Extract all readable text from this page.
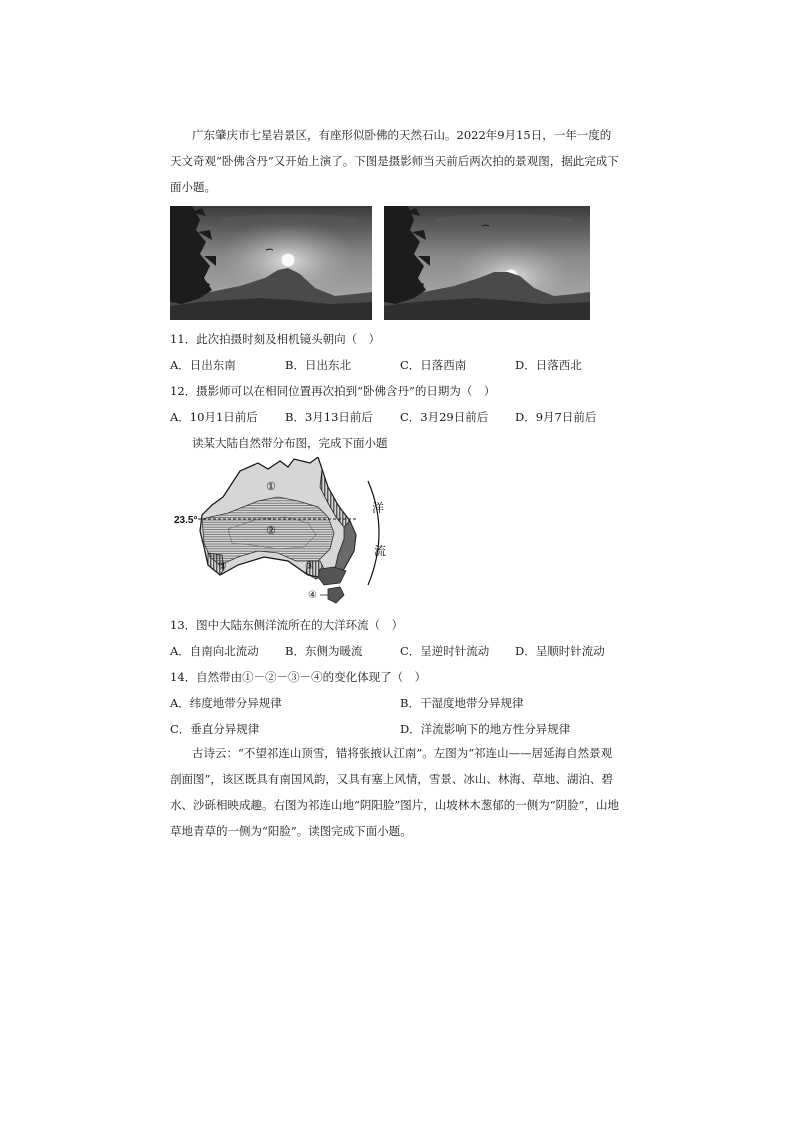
广东肇庆市七星岩景区，有座形似卧佛的天然石山。2022年9月15日，一年一度的天文奇观“卧佛含丹”又开始上演了。下图是摄影师当天前后两次拍的景观图，据此完成下面小题。

11．此次拍摄时刻及相机镜头朝向（　）
A．日出东南	B．日出东北	C．日落西南	D．日落西北
12．摄影师可以在相同位置再次拍到“卧佛含丹”的日期为（　）
A．10月1日前后 B．3月13日前后 C．3月29日前后 D．9月7日前后
读某大陆自然带分布图，完成下面小题
23.5°
①
②
③	③
④
洋
流
13．图中大陆东侧洋流所在的大洋环流（　）
A．自南向北流动 B．东侧为暖流	C．呈逆时针流动 D．呈顺时针流动
14．自然带由①－②－③－④的变化体现了（　）
A．纬度地带分异规律	B．干湿度地带分异规律
C．垂直分异规律	D．洋流影响下的地方性分异规律

古诗云：“不望祁连山顶雪，错将张掖认江南”。左图为“祁连山——居延海自然景观剖面图”，该区既具有南国风韵，又具有塞上风情，雪景、冰山、林海、草地、湖泊、碧水、沙砾相映成趣。右图为祁连山地“阴阳脸”图片，山坡林木葱郁的一侧为“阴脸”，山地草地青草的一侧为“阳脸”。读图完成下面小题。
